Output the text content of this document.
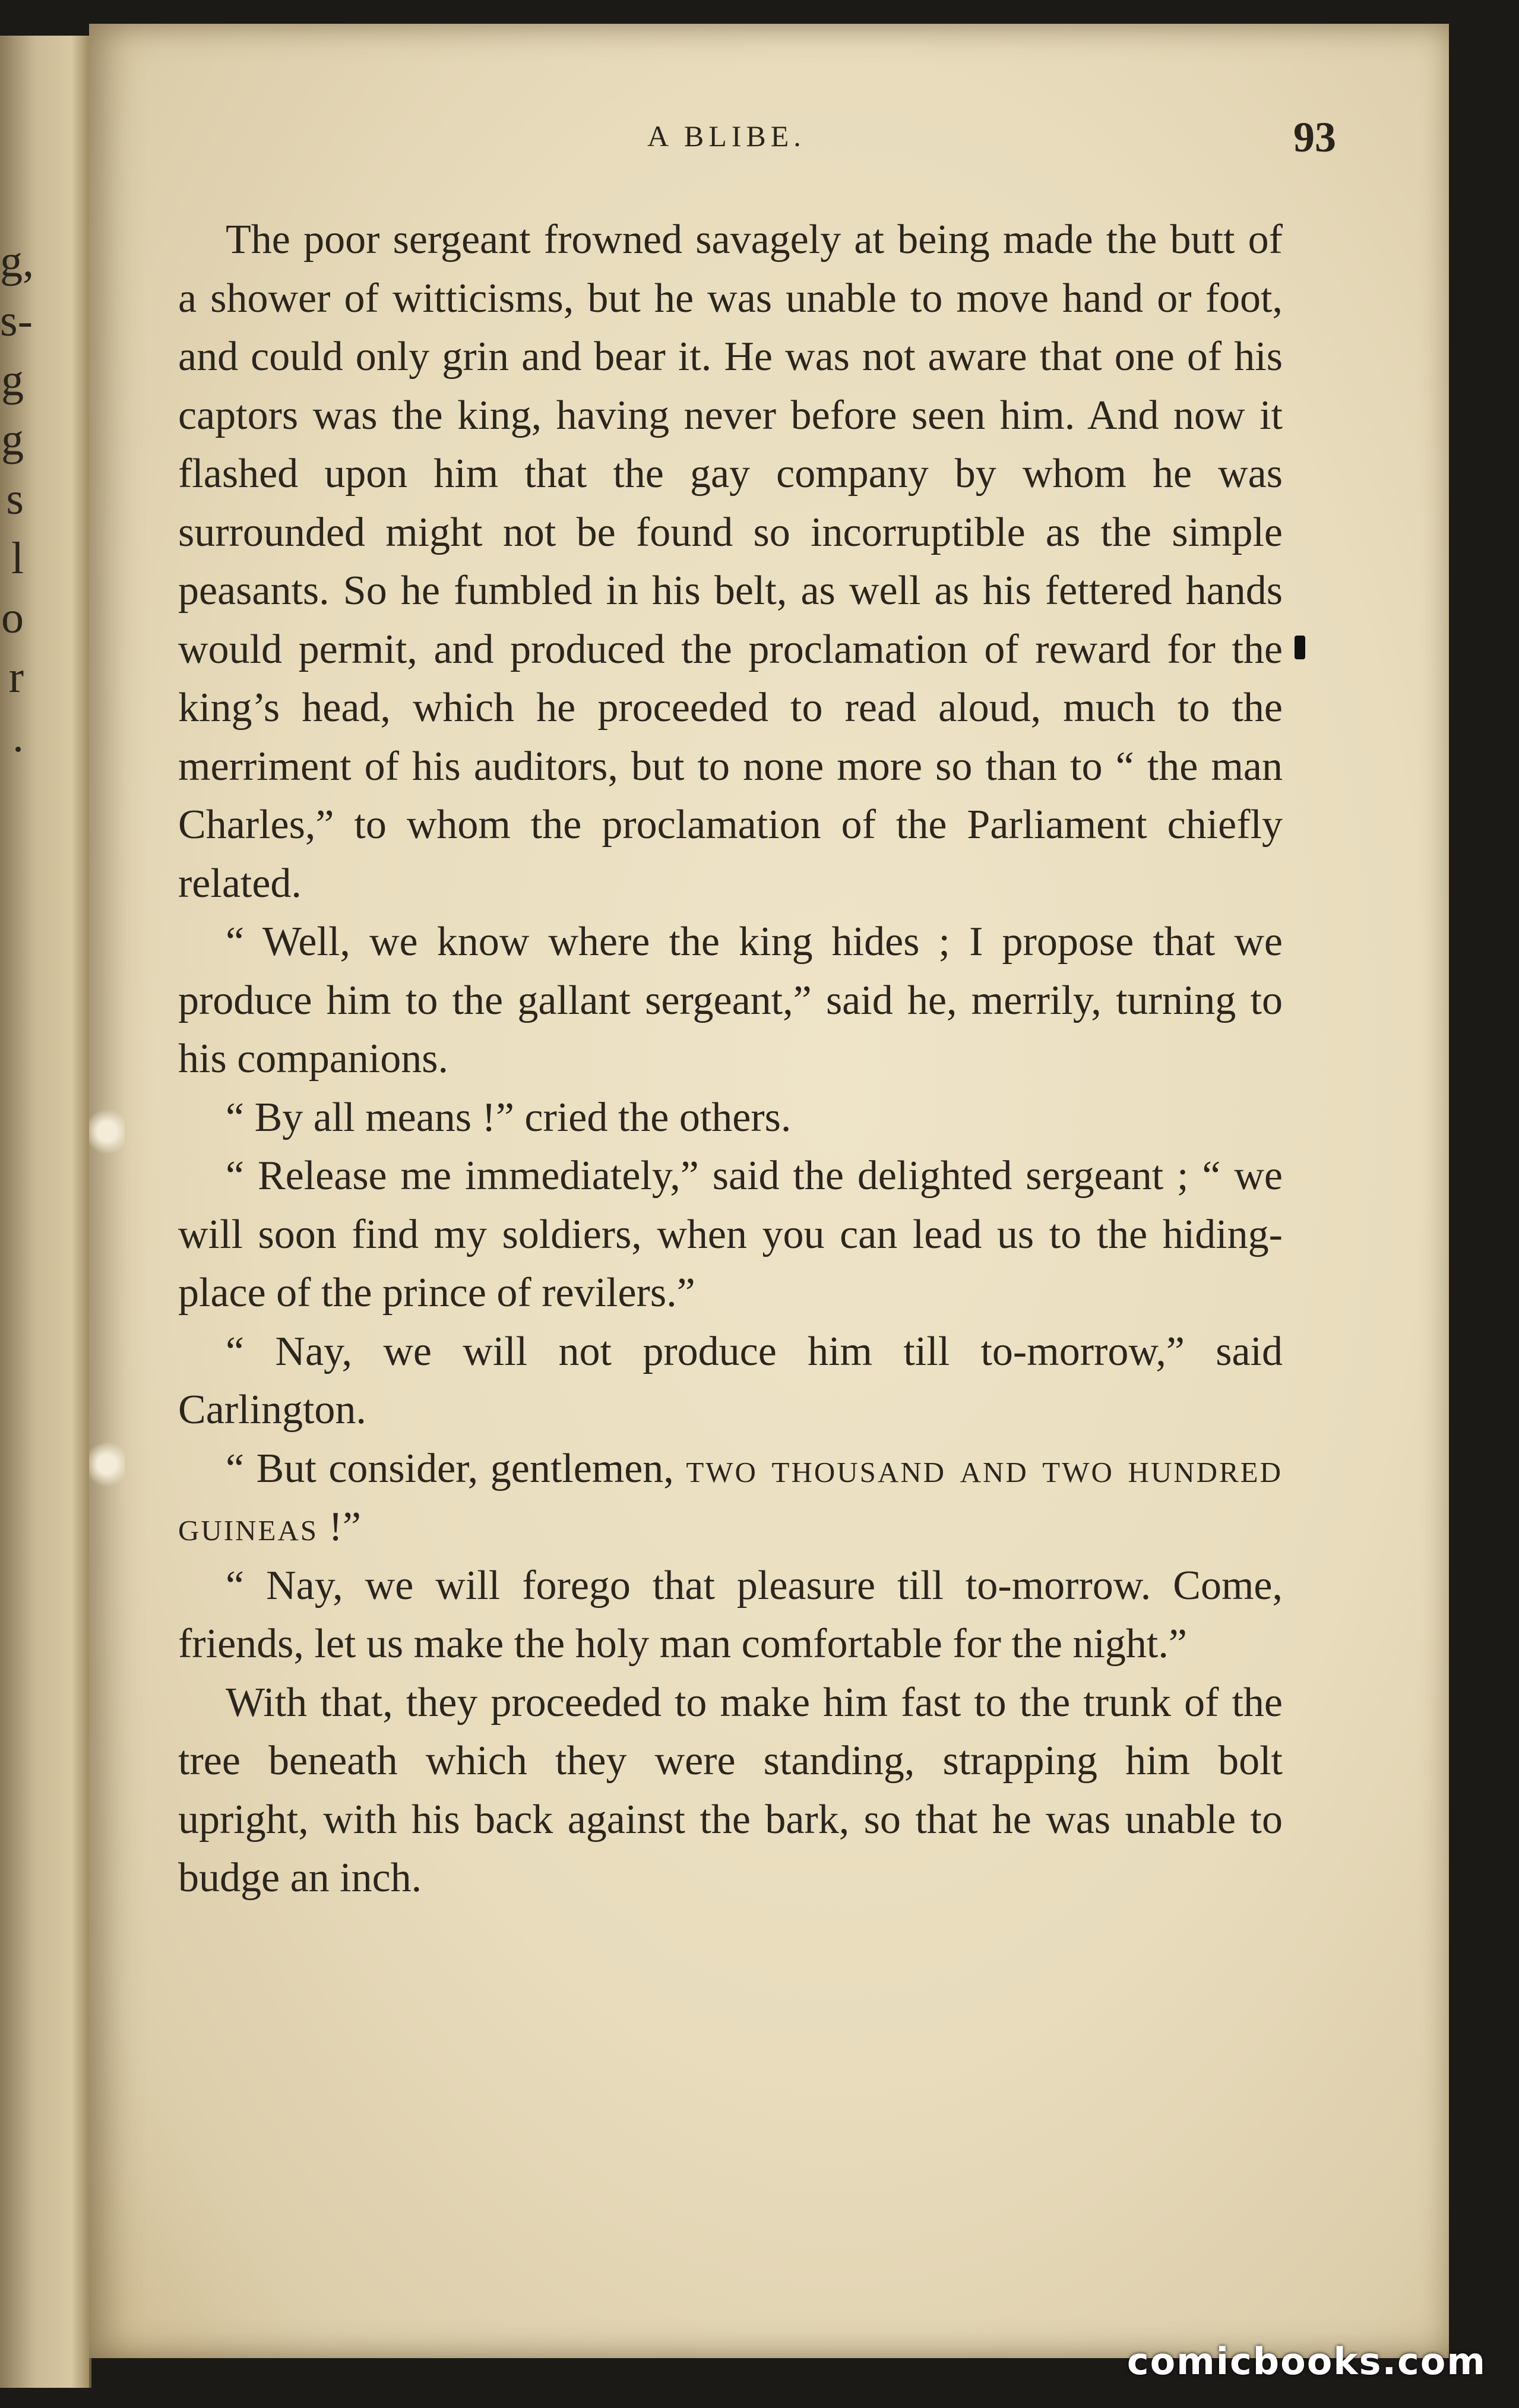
g,
s-
g
g
s
l
o
r
.
A BLIBE.	93

The poor sergeant frowned savagely at being made the butt of a shower of witticisms, but he was unable to move hand or foot, and could only grin and bear it. He was not aware that one of his captors was the king, having never before seen him. And now it flashed upon him that the gay company by whom he was surrounded might not be found so incorruptible as the simple peasants. So he fumbled in his belt, as well as his fettered hands would permit, and produced the proclamation of reward for the king’s head, which he proceeded to read aloud, much to the merriment of his auditors, but to none more so than to “ the man Charles,” to whom the proclamation of the Parliament chiefly related.

“ Well, we know where the king hides ; I propose that we produce him to the gallant sergeant,” said he, merrily, turning to his companions.

“ By all means !” cried the others.

“ Release me immediately,” said the delighted sergeant ; “ we will soon find my soldiers, when you can lead us to the hiding-place of the prince of revilers.”

“ Nay, we will not produce him till to-morrow,” said Carlington.

“ But consider, gentlemen, two thousand and two hundred guineas !”

“ Nay, we will forego that pleasure till to-morrow. Come, friends, let us make the holy man comfortable for the night.”

With that, they proceeded to make him fast to the trunk of the tree beneath which they were standing, strapping him bolt upright, with his back against the bark, so that he was unable to budge an inch.

comicbooks.com
